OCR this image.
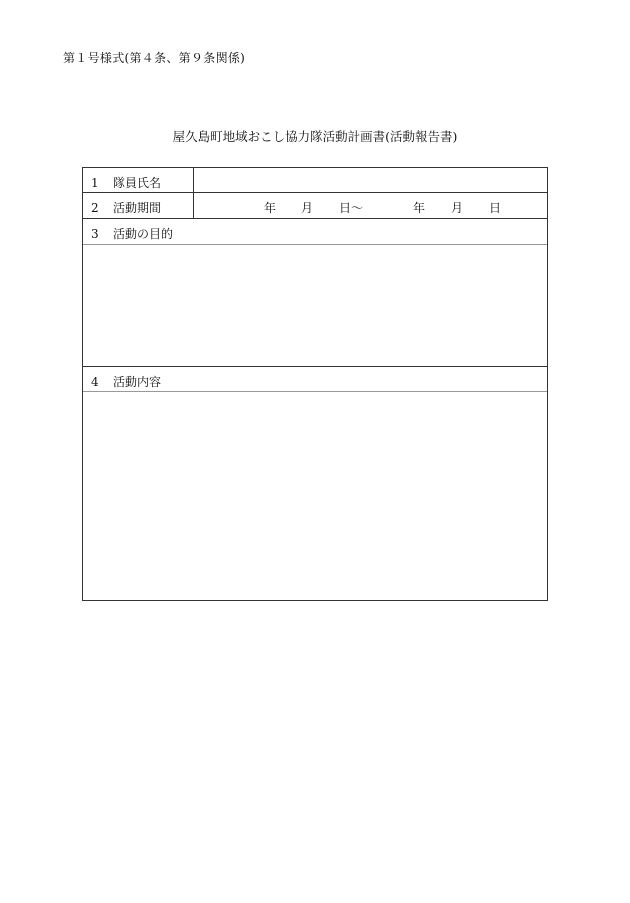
第１号様式(第４条、第９条関係)
屋久島町地域おこし協力隊活動計画書(活動報告書)
1 隊員氏名
2 活動期間	年 月 日〜	年 月 日
3 活動の目的
4 活動内容
